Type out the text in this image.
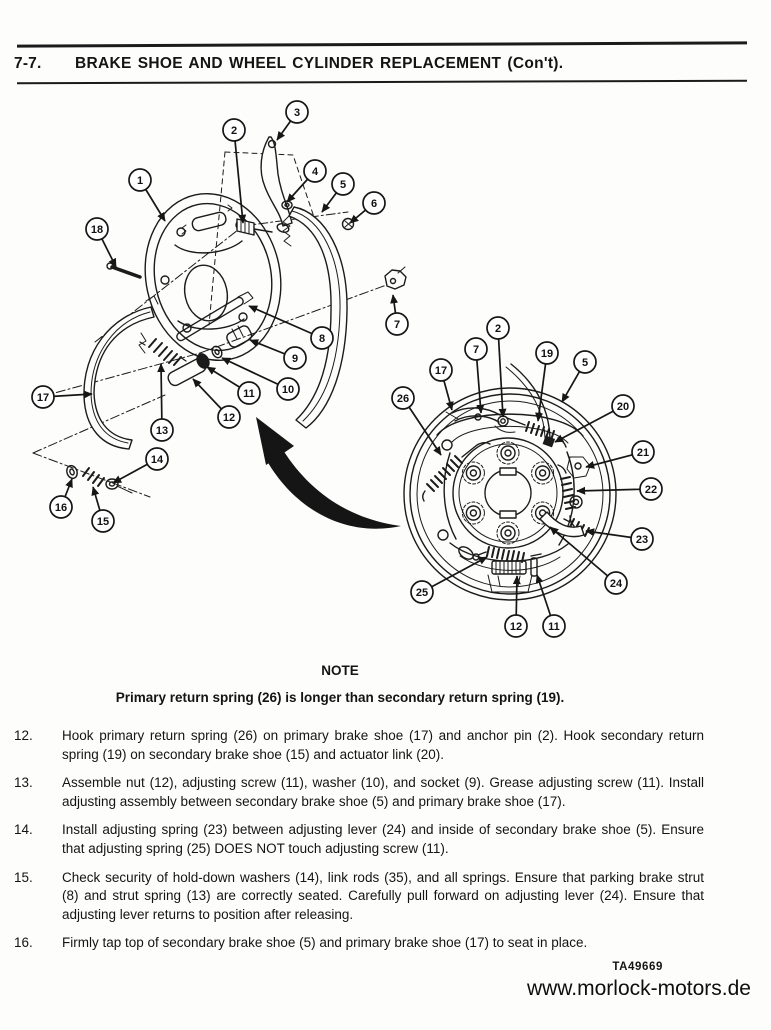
7-7. BRAKE SHOE AND WHEEL CYLINDER REPLACEMENT (Con't).
1
2
3
4
5
6
18
7
8
9
10
11
12
13
17
14
16
15
2
7	19
5
17
26
20
21
22
23
24
25
12 11
NOTE
Primary return spring (26) is longer than secondary return spring (19).
12.	Hook primary return spring (26) on primary brake shoe (17) and anchor pin (2). Hook secondary return spring (19) on secondary brake shoe (15) and actuator link (20).
13.	Assemble nut (12), adjusting screw (11), washer (10), and socket (9). Grease adjusting screw (11). Install adjusting assembly between secondary brake shoe (5) and primary brake shoe (17).
14.	Install adjusting spring (23) between adjusting lever (24) and inside of secondary brake shoe (5). Ensure that adjusting spring (25) DOES NOT touch adjusting screw (11).
15.	Check security of hold-down washers (14), link rods (35), and all springs. Ensure that parking brake strut (8) and strut spring (13) are correctly seated. Carefully pull forward on adjusting lever (24). Ensure that adjusting lever returns to position after releasing.
16.	Firmly tap top of secondary brake shoe (5) and primary brake shoe (17) to seat in place.
TA49669
www.morlock-motors.de
